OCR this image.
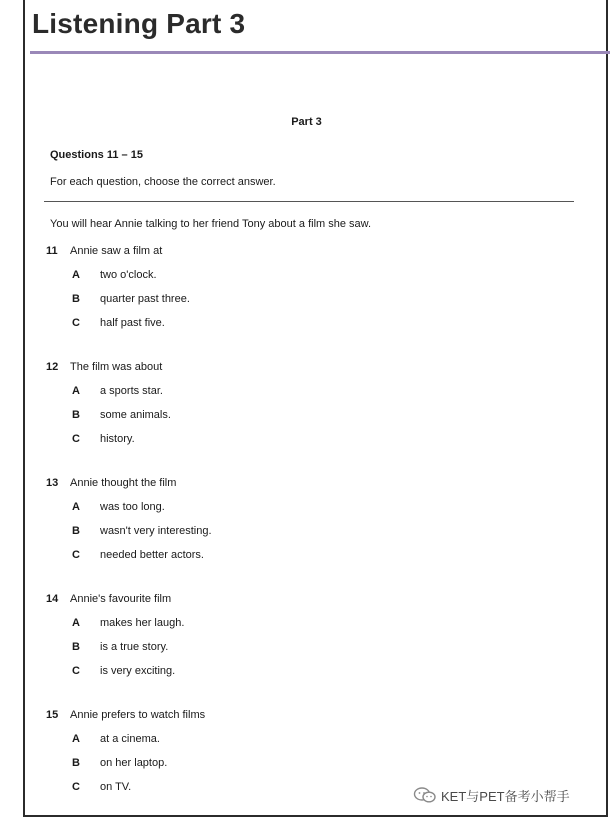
Listening Part 3
Part 3
Questions 11 – 15
For each question, choose the correct answer.
You will hear Annie talking to her friend Tony about a film she saw.
11 Annie saw a film at
A two o'clock.
B quarter past three.
C half past five.
12 The film was about
A a sports star.
B some animals.
C history.
13 Annie thought the film
A was too long.
B wasn't very interesting.
C needed better actors.
14 Annie's favourite film
A makes her laugh.
B is a true story.
C is very exciting.
15 Annie prefers to watch films
A at a cinema.
B on her laptop.
C on TV.
KET与PET备考小帮手
